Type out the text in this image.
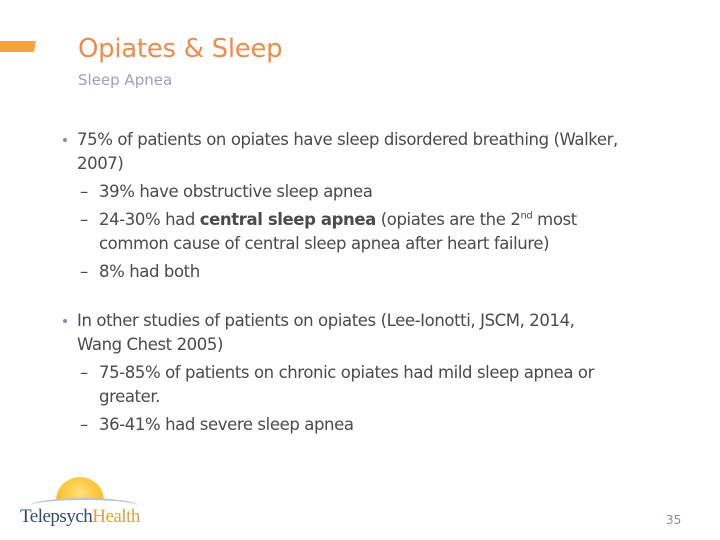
Opiates & Sleep
Sleep Apnea
75% of patients on opiates have sleep disordered breathing (Walker, 2007)
– 39% have obstructive sleep apnea
– 24-30% had central sleep apnea (opiates are the 2nd most common cause of central sleep apnea after heart failure)
– 8% had both
In other studies of patients on opiates (Lee-Ionotti, JSCM, 2014, Wang Chest 2005)
– 75-85% of patients on chronic opiates had mild sleep apnea or greater.
– 36-41% had severe sleep apnea
TelepsychHealth	35
